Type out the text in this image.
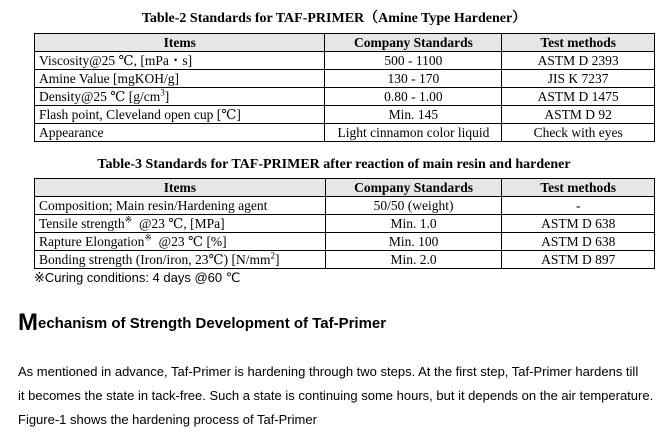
Table-2 Standards for TAF-PRIMER（Amine Type Hardener）
Items	Company Standards	Test methods
Viscosity@25 ℃, [mPa・s]	500 - 1100	ASTM D 2393
Amine Value [mgKOH/g]	130 - 170	JIS K 7237
Density@25 ℃ $[g/cm^3]$	0.80 - 1.00	ASTM D 1475
Flash point, Cleveland open cup [℃]	Min. 145	ASTM D 92
Appearance	Light cinnamon color liquid	Check with eyes
Table-3 Standards for TAF-PRIMER after reaction of main resin and hardener
Items	Company Standards	Test methods
Composition; Main resin/Hardening agent	50/50 (weight)	-
Tensile strength※  @23 ℃, [MPa]	Min. 1.0	ASTM D 638
Rapture Elongation※  @23 ℃ [%]	Min. 100	ASTM D 638
Bonding strength (Iron/iron, 23℃) $[N/mm^2]$	Min. 2.0	ASTM D 897
※Curing conditions: 4 days @60 ℃
Mechanism of Strength Development of Taf-Primer
As mentioned in advance, Taf-Primer is hardening through two steps. At the first step, Taf-Primer hardens till
it becomes the state in tack-free. Such a state is continuing some hours, but it depends on the air temperature.
Figure-1 shows the hardening process of Taf-Primer
